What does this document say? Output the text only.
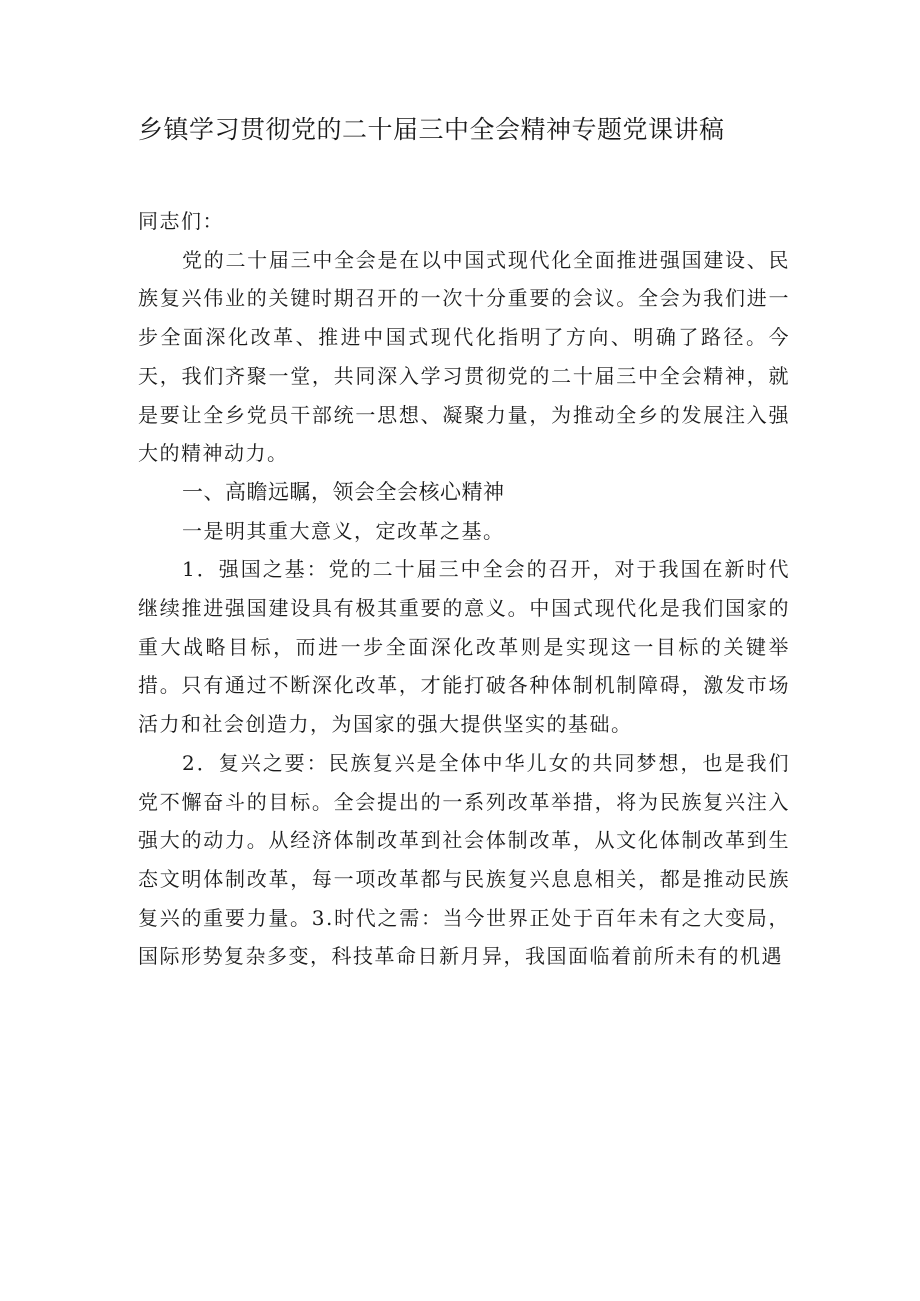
乡镇学习贯彻党的二十届三中全会精神专题党课讲稿

同志们：

党的二十届三中全会是在以中国式现代化全面推进强国建设、民族复兴伟业的关键时期召开的一次十分重要的会议。全会为我们进一步全面深化改革、推进中国式现代化指明了方向、明确了路径。今天，我们齐聚一堂，共同深入学习贯彻党的二十届三中全会精神，就是要让全乡党员干部统一思想、凝聚力量，为推动全乡的发展注入强大的精神动力。

一、高瞻远瞩，领会全会核心精神

一是明其重大意义，定改革之基。

1．强国之基：党的二十届三中全会的召开，对于我国在新时代继续推进强国建设具有极其重要的意义。中国式现代化是我们国家的重大战略目标，而进一步全面深化改革则是实现这一目标的关键举措。只有通过不断深化改革，才能打破各种体制机制障碍，激发市场活力和社会创造力，为国家的强大提供坚实的基础。

2．复兴之要：民族复兴是全体中华儿女的共同梦想，也是我们党不懈奋斗的目标。全会提出的一系列改革举措，将为民族复兴注入强大的动力。从经济体制改革到社会体制改革，从文化体制改革到生态文明体制改革，每一项改革都与民族复兴息息相关，都是推动民族复兴的重要力量。3.时代之需：当今世界正处于百年未有之大变局，国际形势复杂多变，科技革命日新月异，我国面临着前所未有的机遇
